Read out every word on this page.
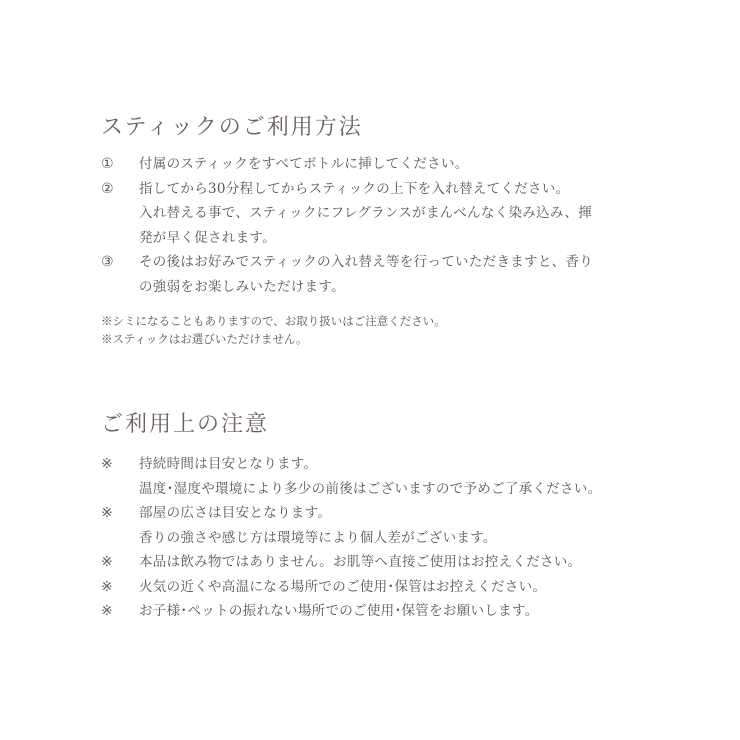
スティックのご利用方法
① 付属のスティックをすべてボトルに挿してください。
② 指してから30分程してからスティックの上下を入れ替えてください。
入れ替える事で、スティックにフレグランスがまんべんなく染み込み、揮
発が早く促されます。
③ その後はお好みでスティックの入れ替え等を行っていただきますと、香り
の強弱をお楽しみいただけます。
※シミになることもありますので、お取り扱いはご注意ください。
※スティックはお選びいただけません。
ご利用上の注意
※ 持続時間は目安となります。
温度･湿度や環境により多少の前後はございますので予めご了承ください。
※ 部屋の広さは目安となります。
香りの強さや感じ方は環境等により個人差がございます。
※ 本品は飲み物ではありません。お肌等へ直接ご使用はお控えください。
※ 火気の近くや高温になる場所でのご使用･保管はお控えください。
※ お子様･ペットの振れない場所でのご使用･保管をお願いします。
